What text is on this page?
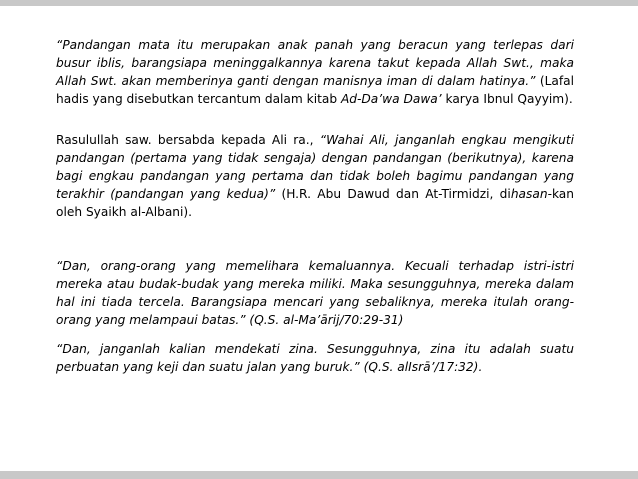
“Pandangan mata itu merupakan anak panah yang beracun yang terlepas dari busur iblis, barangsiapa meninggalkannya karena takut kepada Allah Swt., maka Allah Swt. akan memberinya ganti dengan manisnya iman di dalam hatinya.” (Lafal hadis yang disebutkan tercantum dalam kitab Ad-Da’wa Dawa’ karya Ibnul Qayyim).
Rasulullah saw. bersabda kepada Ali ra., “Wahai Ali, janganlah engkau mengikuti pandangan (pertama yang tidak sengaja) dengan pandangan (berikutnya), karena bagi engkau pandangan yang pertama dan tidak boleh bagimu pandangan yang terakhir (pandangan yang kedua)” (H.R. Abu Dawud dan At-Tirmidzi, dihasan-kan oleh Syaikh al-Albani).
“Dan, orang-orang yang memelihara kemaluannya. Kecuali terhadap istri-istri mereka atau budak-budak yang mereka miliki. Maka sesungguhnya, mereka dalam hal ini tiada tercela. Barangsiapa mencari yang sebaliknya, mereka itulah orang-orang yang melampaui batas.” (Q.S. al-Ma’ārij/70:29-31)
“Dan, janganlah kalian mendekati zina. Sesungguhnya, zina itu adalah suatu perbuatan yang keji dan suatu jalan yang buruk.” (Q.S. alIsrā’/17:32).
